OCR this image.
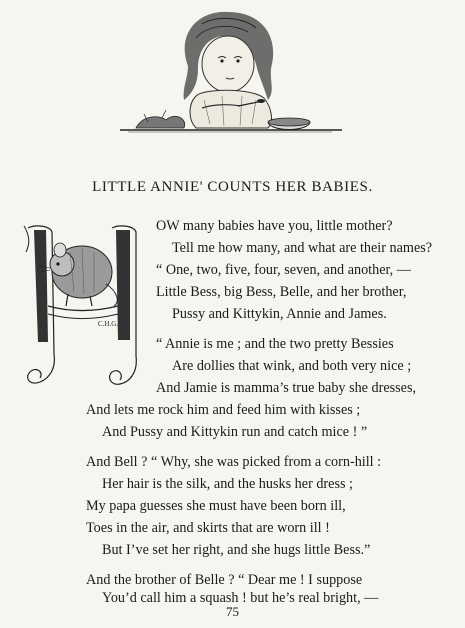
LITTLE ANNIE' COUNTS HER BABIES.
C.H.G.
OW many babies have you, little mother?
Tell me how many, and what are their names?
“ One, two, five, four, seven, and another, —
Little Bess, big Bess, Belle, and her brother,
Pussy and Kittykin, Annie and James.
“ Annie is me ; and the two pretty Bessies
Are dollies that wink, and both very nice ;
And Jamie is mamma’s true baby she dresses,
And lets me rock him and feed him with kisses ;
And Pussy and Kittykin run and catch mice ! ”
And Bell ? “ Why, she was picked from a corn-hill :
Her hair is the silk, and the husks her dress ;
My papa guesses she must have been born ill,
Toes in the air, and skirts that are worn ill !
But I’ve set her right, and she hugs little Bess.”
And the brother of Belle ? “ Dear me ! I suppose
You’d call him a squash ! but he’s real bright, —
75
